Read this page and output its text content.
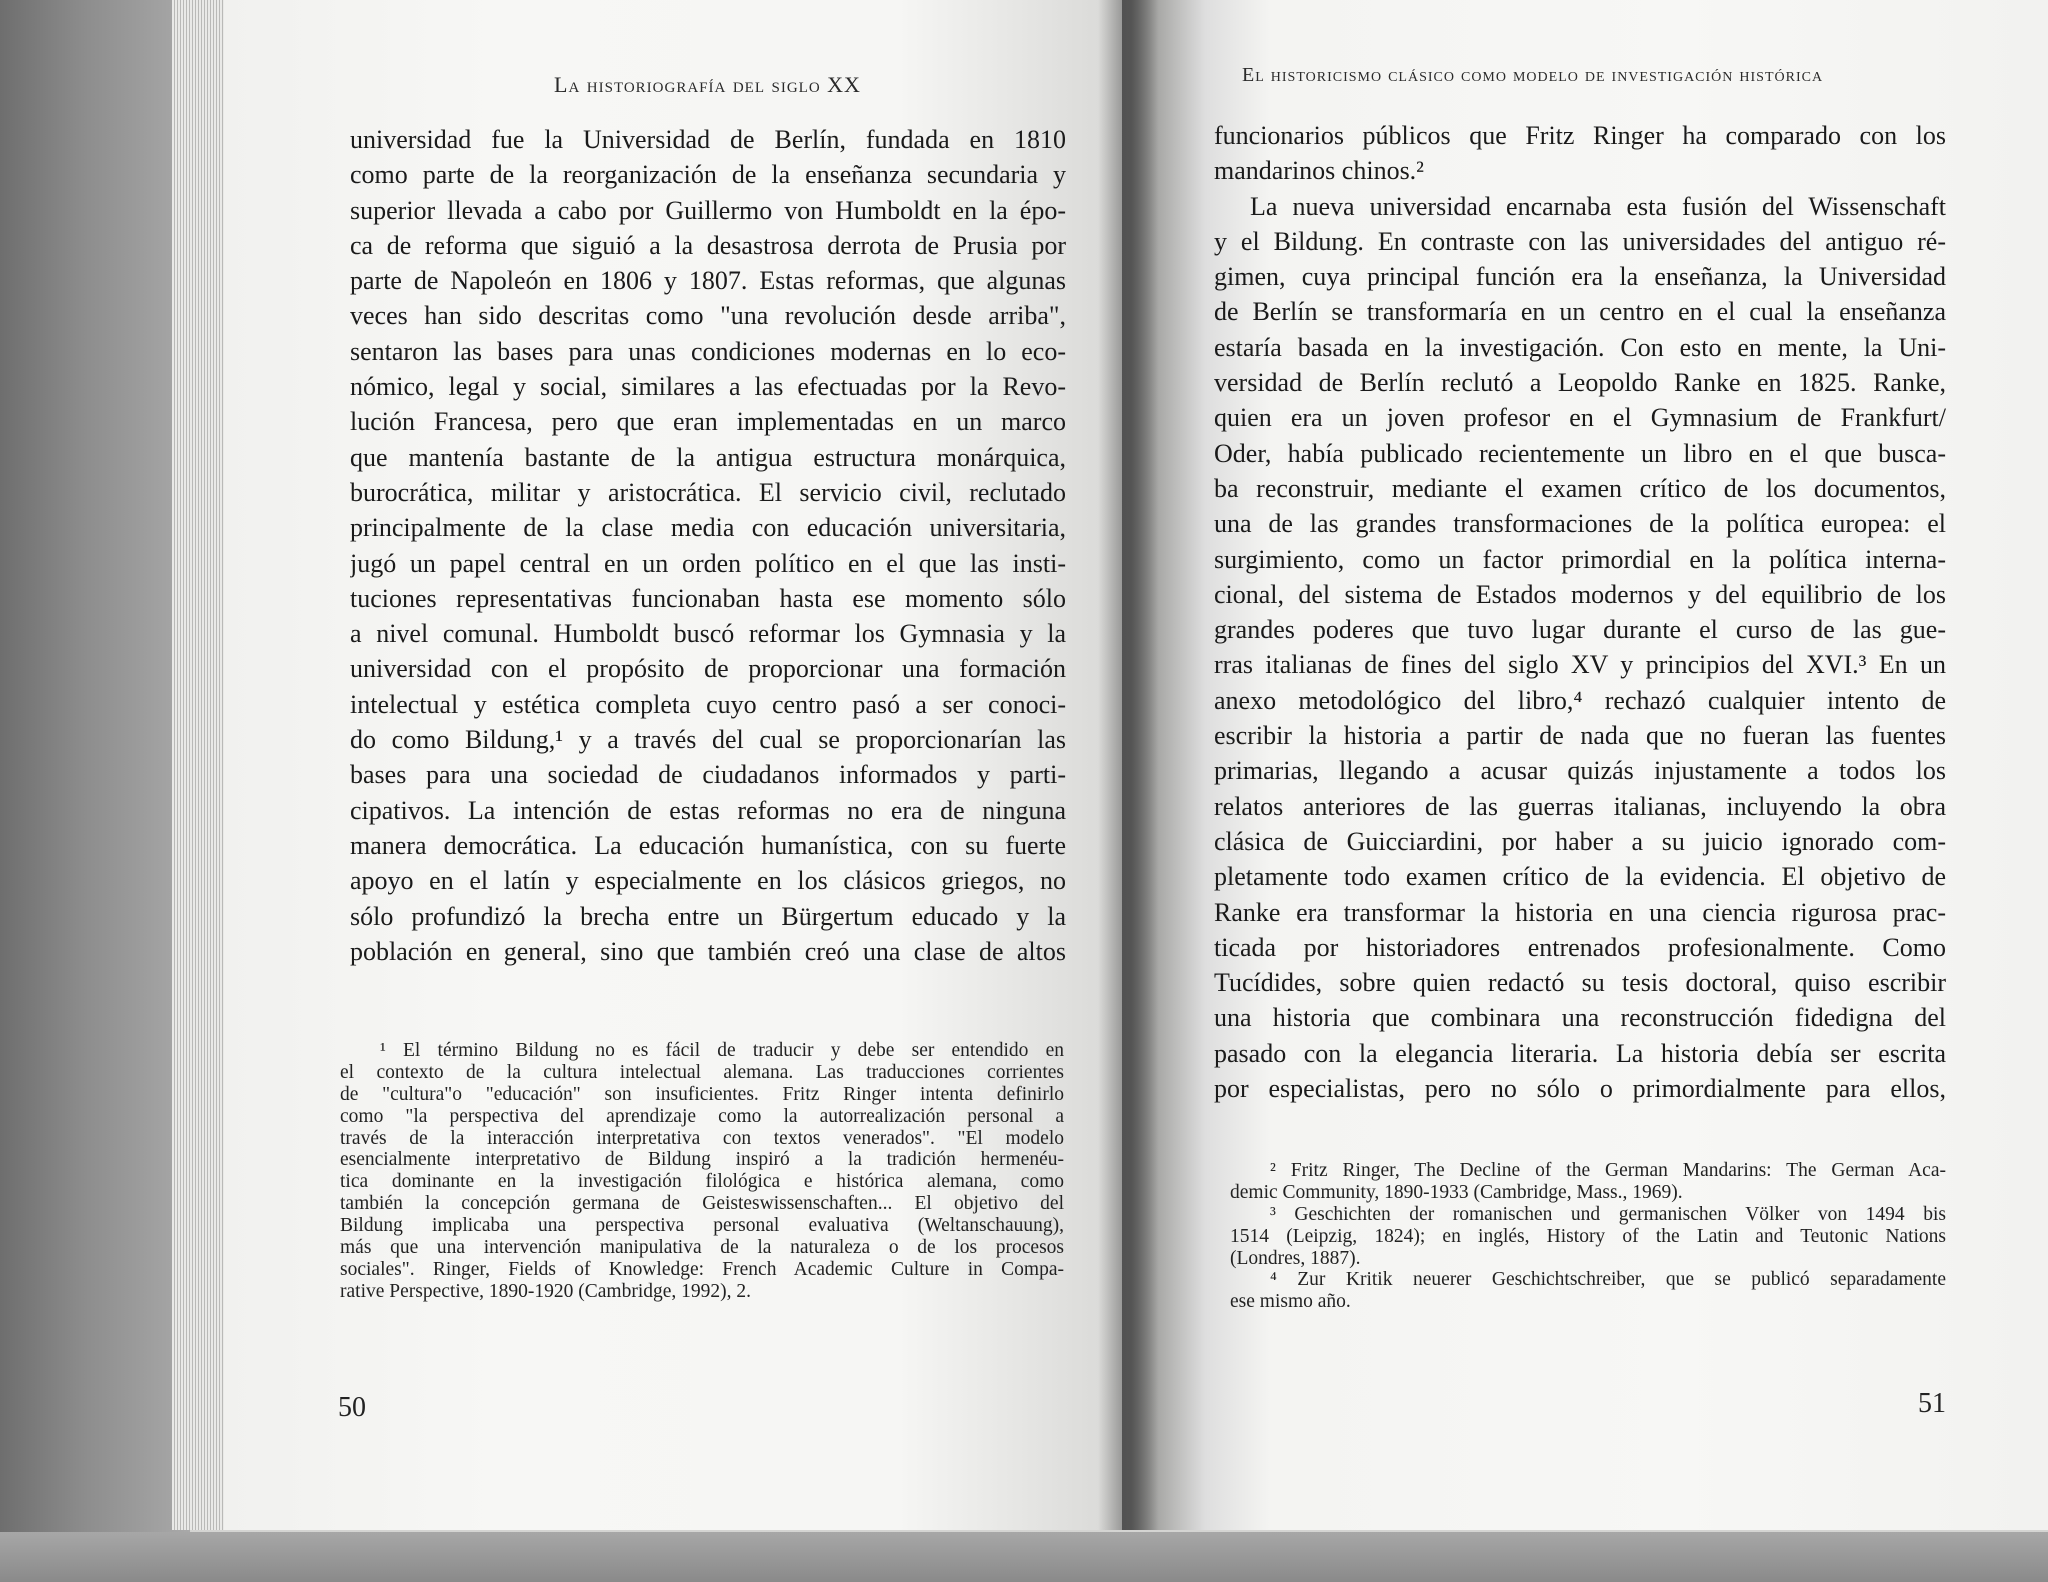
La historiografía del siglo XX
universidad fue la Universidad de Berlín, fundada en 1810
como parte de la reorganización de la enseñanza secundaria y
superior llevada a cabo por Guillermo von Humboldt en la épo-
ca de reforma que siguió a la desastrosa derrota de Prusia por
parte de Napoleón en 1806 y 1807. Estas reformas, que algunas
veces han sido descritas como "una revolución desde arriba",
sentaron las bases para unas condiciones modernas en lo eco-
nómico, legal y social, similares a las efectuadas por la Revo-
lución Francesa, pero que eran implementadas en un marco
que mantenía bastante de la antigua estructura monárquica,
burocrática, militar y aristocrática. El servicio civil, reclutado
principalmente de la clase media con educación universitaria,
jugó un papel central en un orden político en el que las insti-
tuciones representativas funcionaban hasta ese momento sólo
a nivel comunal. Humboldt buscó reformar los Gymnasia y la
universidad con el propósito de proporcionar una formación
intelectual y estética completa cuyo centro pasó a ser conoci-
do como Bildung,¹ y a través del cual se proporcionarían las
bases para una sociedad de ciudadanos informados y parti-
cipativos. La intención de estas reformas no era de ninguna
manera democrática. La educación humanística, con su fuerte
apoyo en el latín y especialmente en los clásicos griegos, no
sólo profundizó la brecha entre un Bürgertum educado y la
población en general, sino que también creó una clase de altos
¹ El término Bildung no es fácil de traducir y debe ser entendido en
el contexto de la cultura intelectual alemana. Las traducciones corrientes
de "cultura"o "educación" son insuficientes. Fritz Ringer intenta definirlo
como "la perspectiva del aprendizaje como la autorrealización personal a
través de la interacción interpretativa con textos venerados". "El modelo
esencialmente interpretativo de Bildung inspiró a la tradición hermenéu-
tica dominante en la investigación filológica e histórica alemana, como
también la concepción germana de Geisteswissenschaften... El objetivo del
Bildung implicaba una perspectiva personal evaluativa (Weltanschauung),
más que una intervención manipulativa de la naturaleza o de los procesos
sociales". Ringer, Fields of Knowledge: French Academic Culture in Compa-
rative Perspective, 1890-1920 (Cambridge, 1992), 2.
50
El historicismo clásico como modelo de investigación histórica
funcionarios públicos que Fritz Ringer ha comparado con los
mandarinos chinos.²
La nueva universidad encarnaba esta fusión del Wissenschaft
y el Bildung. En contraste con las universidades del antiguo ré-
gimen, cuya principal función era la enseñanza, la Universidad
de Berlín se transformaría en un centro en el cual la enseñanza
estaría basada en la investigación. Con esto en mente, la Uni-
versidad de Berlín reclutó a Leopoldo Ranke en 1825. Ranke,
quien era un joven profesor en el Gymnasium de Frankfurt/
Oder, había publicado recientemente un libro en el que busca-
ba reconstruir, mediante el examen crítico de los documentos,
una de las grandes transformaciones de la política europea: el
surgimiento, como un factor primordial en la política interna-
cional, del sistema de Estados modernos y del equilibrio de los
grandes poderes que tuvo lugar durante el curso de las gue-
rras italianas de fines del siglo XV y principios del XVI.³ En un
anexo metodológico del libro,⁴ rechazó cualquier intento de
escribir la historia a partir de nada que no fueran las fuentes
primarias, llegando a acusar quizás injustamente a todos los
relatos anteriores de las guerras italianas, incluyendo la obra
clásica de Guicciardini, por haber a su juicio ignorado com-
pletamente todo examen crítico de la evidencia. El objetivo de
Ranke era transformar la historia en una ciencia rigurosa prac-
ticada por historiadores entrenados profesionalmente. Como
Tucídides, sobre quien redactó su tesis doctoral, quiso escribir
una historia que combinara una reconstrucción fidedigna del
pasado con la elegancia literaria. La historia debía ser escrita
por especialistas, pero no sólo o primordialmente para ellos,
² Fritz Ringer, The Decline of the German Mandarins: The German Aca-
demic Community, 1890-1933 (Cambridge, Mass., 1969).
³ Geschichten der romanischen und germanischen Völker von 1494 bis
1514 (Leipzig, 1824); en inglés, History of the Latin and Teutonic Nations
(Londres, 1887).
⁴ Zur Kritik neuerer Geschichtschreiber, que se publicó separadamente
ese mismo año.
51
